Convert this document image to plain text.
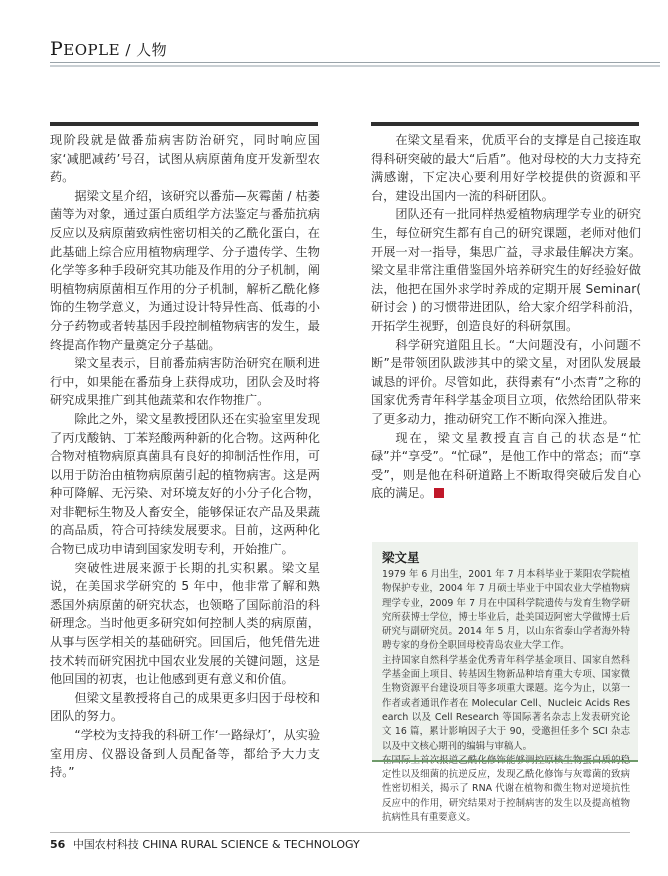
PEOPLE / 人物

现阶段就是做番茄病害防治研究，同时响应国家‘减肥减药’号召，试图从病原菌角度开发新型农药。

据梁文星介绍，该研究以番茄—灰霉菌 / 枯萎菌等为对象，通过蛋白质组学方法鉴定与番茄抗病反应以及病原菌致病性密切相关的乙酰化蛋白，在此基础上综合应用植物病理学、分子遗传学、生物化学等多种手段研究其功能及作用的分子机制，阐明植物病原菌相互作用的分子机制，解析乙酰化修饰的生物学意义，为通过设计特异性高、低毒的小分子药物或者转基因手段控制植物病害的发生，最终提高作物产量奠定分子基础。

梁文星表示，目前番茄病害防治研究在顺利进行中，如果能在番茄身上获得成功，团队会及时将研究成果推广到其他蔬菜和农作物推广。

除此之外，梁文星教授团队还在实验室里发现了丙戊酸钠、丁苯羟酸两种新的化合物。这两种化合物对植物病原真菌具有良好的抑制活性作用，可以用于防治由植物病原菌引起的植物病害。这是两种可降解、无污染、对环境友好的小分子化合物，对非靶标生物及人畜安全，能够保证农产品及果蔬的高品质，符合可持续发展要求。目前，这两种化合物已成功申请到国家发明专利，开始推广。

突破性进展来源于长期的扎实积累。梁文星说，在美国求学研究的 5 年中，他非常了解和熟悉国外病原菌的研究状态，也领略了国际前沿的科研理念。当时他更多研究如何控制人类的病原菌，从事与医学相关的基础研究。回国后，他凭借先进技术转而研究困扰中国农业发展的关键问题，这是他回国的初衷，也让他感到更有意义和价值。

但梁文星教授将自己的成果更多归因于母校和团队的努力。

“学校为支持我的科研工作‘一路绿灯’，从实验室用房、仪器设备到人员配备等，都给予大力支持。”

在梁文星看来，优质平台的支撑是自己接连取得科研突破的最大“后盾”。他对母校的大力支持充满感谢，下定决心要利用好学校提供的资源和平台，建设出国内一流的科研团队。

团队还有一批同样热爱植物病理学专业的研究生，每位研究生都有自己的研究课题，老师对他们开展一对一指导，集思广益，寻求最佳解决方案。梁文星非常注重借鉴国外培养研究生的好经验好做法，他把在国外求学时养成的定期开展 Seminar( 研讨会 ) 的习惯带进团队，给大家介绍学科前沿，开拓学生视野，创造良好的科研氛围。

科学研究道阻且长。“大问题没有，小问题不断”是带领团队跋涉其中的梁文星，对团队发展最诚恳的评价。尽管如此，获得素有“小杰青”之称的国家优秀青年科学基金项目立项，依然给团队带来了更多动力，推动研究工作不断向深入推进。

现在，梁文星教授直言自己的状态是“忙碌”并“享受”。“忙碌”，是他工作中的常态；而“享受”，则是他在科研道路上不断取得突破后发自心底的满足。

梁文星

1979 年 6 月出生，2001 年 7 月本科毕业于莱阳农学院植物保护专业，2004 年 7 月硕士毕业于中国农业大学植物病理学专业，2009 年 7 月在中国科学院遗传与发育生物学研究所获博士学位，博士毕业后，赴美国迈阿密大学做博士后研究与副研究员。2014 年 5 月，以山东省泰山学者海外特聘专家的身份全职回母校青岛农业大学工作。

主持国家自然科学基金优秀青年科学基金项目、国家自然科学基金面上项目、转基因生物新品种培育重大专项、国家微生物资源平台建设项目等多项重大课题。迄今为止，以第一作者或者通讯作者在 Molecular Cell、Nucleic Acids Research 以及 Cell Research 等国际著名杂志上发表研究论文 16 篇，累计影响因子大于 90，受邀担任多个 SCI 杂志以及中文核心期刊的编辑与审稿人。

定性以及细菌的抗逆反应，发现乙酰化修饰与灰霉菌的致病性密切相关，揭示了 RNA 代谢在植物和微生物对逆境抗性反应中的作用，研究结果对于控制病害的发生以及提高植物抗病性具有重要意义。

56 中国农村科技 CHINA RURAL SCIENCE & TECHNOLOGY
